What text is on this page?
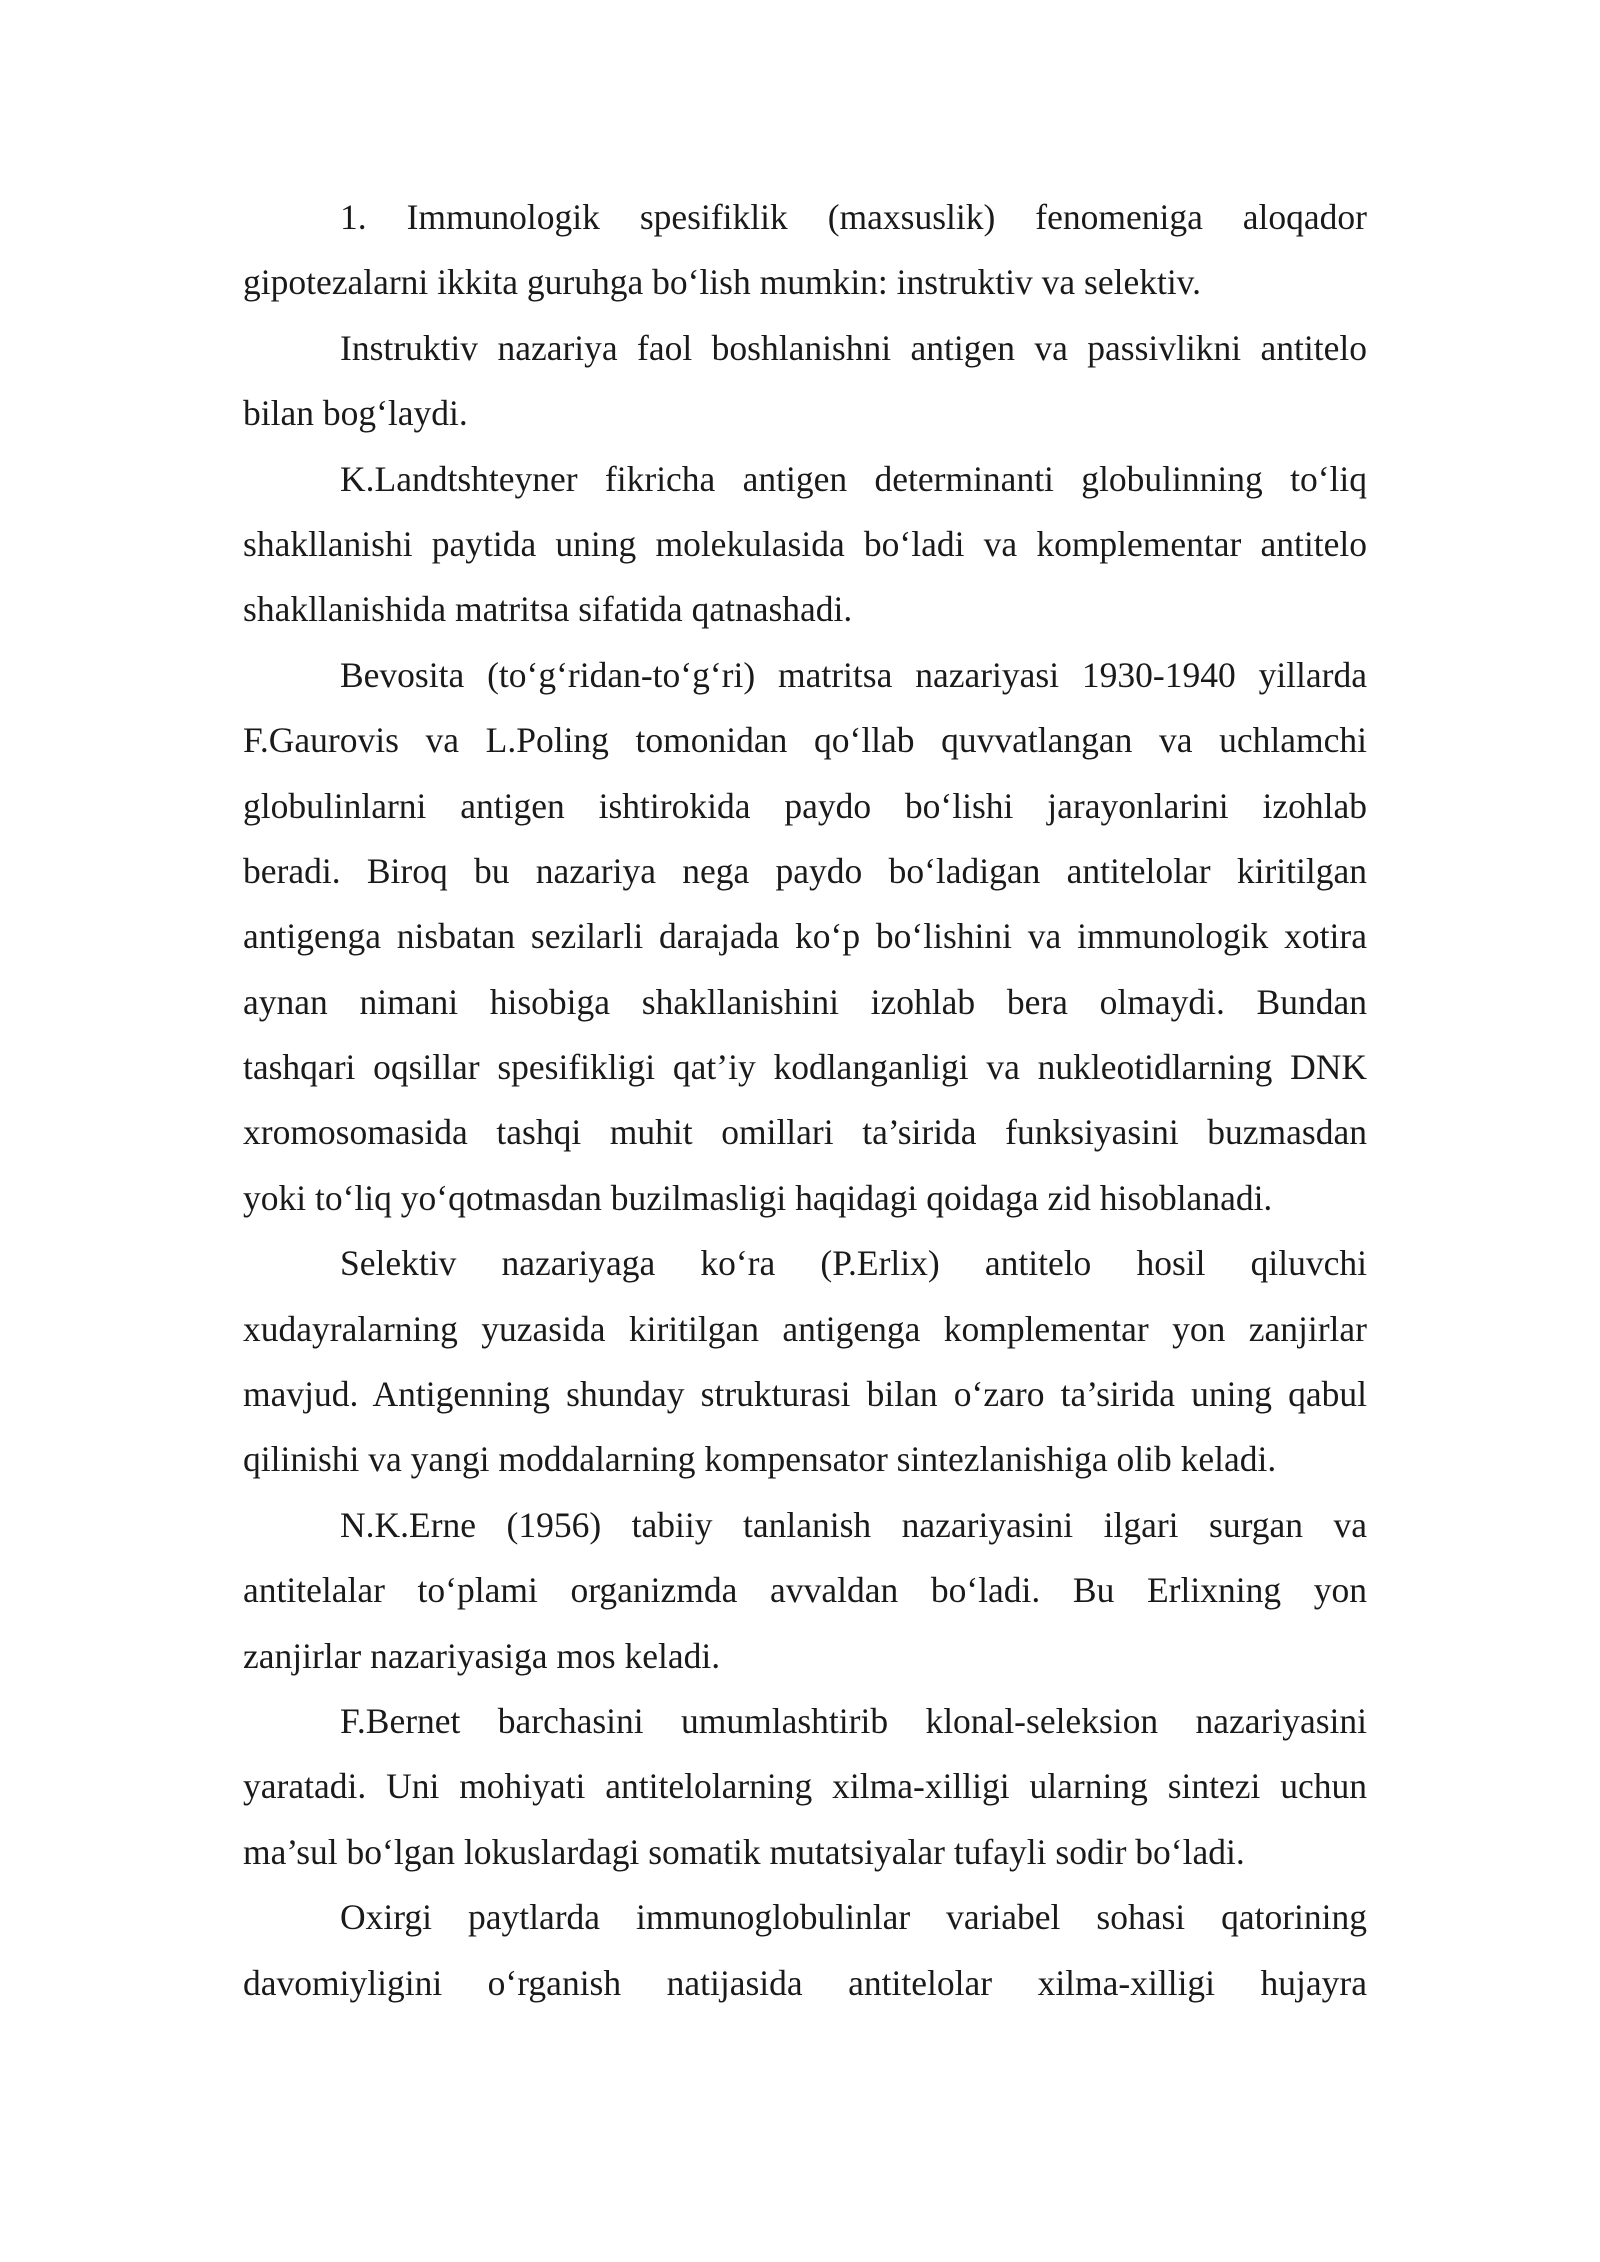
1. Immunologik spesifiklik (maxsuslik) fenomeniga aloqador
gipotezalarni ikkita guruhga bo‘lish mumkin: instruktiv va selektiv.
Instruktiv nazariya faol boshlanishni antigen va passivlikni antitelo
bilan bog‘laydi.
K.Landtshteyner fikricha antigen determinanti globulinning to‘liq
shakllanishi paytida uning molekulasida bo‘ladi va komplementar antitelo
shakllanishida matritsa sifatida qatnashadi.
Bevosita (to‘g‘ridan-to‘g‘ri) matritsa nazariyasi 1930-1940 yillarda
F.Gaurovis va L.Poling tomonidan qo‘llab quvvatlangan va uchlamchi
globulinlarni antigen ishtirokida paydo bo‘lishi jarayonlarini izohlab
beradi. Biroq bu nazariya nega paydo bo‘ladigan antitelolar kiritilgan
antigenga nisbatan sezilarli darajada ko‘p bo‘lishini va immunologik xotira
aynan nimani hisobiga shakllanishini izohlab bera olmaydi. Bundan
tashqari oqsillar spesifikligi qat’iy kodlanganligi va nukleotidlarning DNK
xromosomasida tashqi muhit omillari ta’sirida funksiyasini buzmasdan
yoki to‘liq yo‘qotmasdan buzilmasligi haqidagi qoidaga zid hisoblanadi.
Selektiv nazariyaga ko‘ra (P.Erlix) antitelo hosil qiluvchi
xudayralarning yuzasida kiritilgan antigenga komplementar yon zanjirlar
mavjud. Antigenning shunday strukturasi bilan o‘zaro ta’sirida uning qabul
qilinishi va yangi moddalarning kompensator sintezlanishiga olib keladi.
N.K.Erne (1956) tabiiy tanlanish nazariyasini ilgari surgan va
antitelalar to‘plami organizmda avvaldan bo‘ladi. Bu Erlixning yon
zanjirlar nazariyasiga mos keladi.
F.Bernet barchasini umumlashtirib klonal-seleksion nazariyasini
yaratadi. Uni mohiyati antitelolarning xilma-xilligi ularning sintezi uchun
ma’sul bo‘lgan lokuslardagi somatik mutatsiyalar tufayli sodir bo‘ladi.
Oxirgi paytlarda immunoglobulinlar variabel sohasi qatorining
davomiyligini o‘rganish natijasida antitelolar xilma-xilligi hujayra
